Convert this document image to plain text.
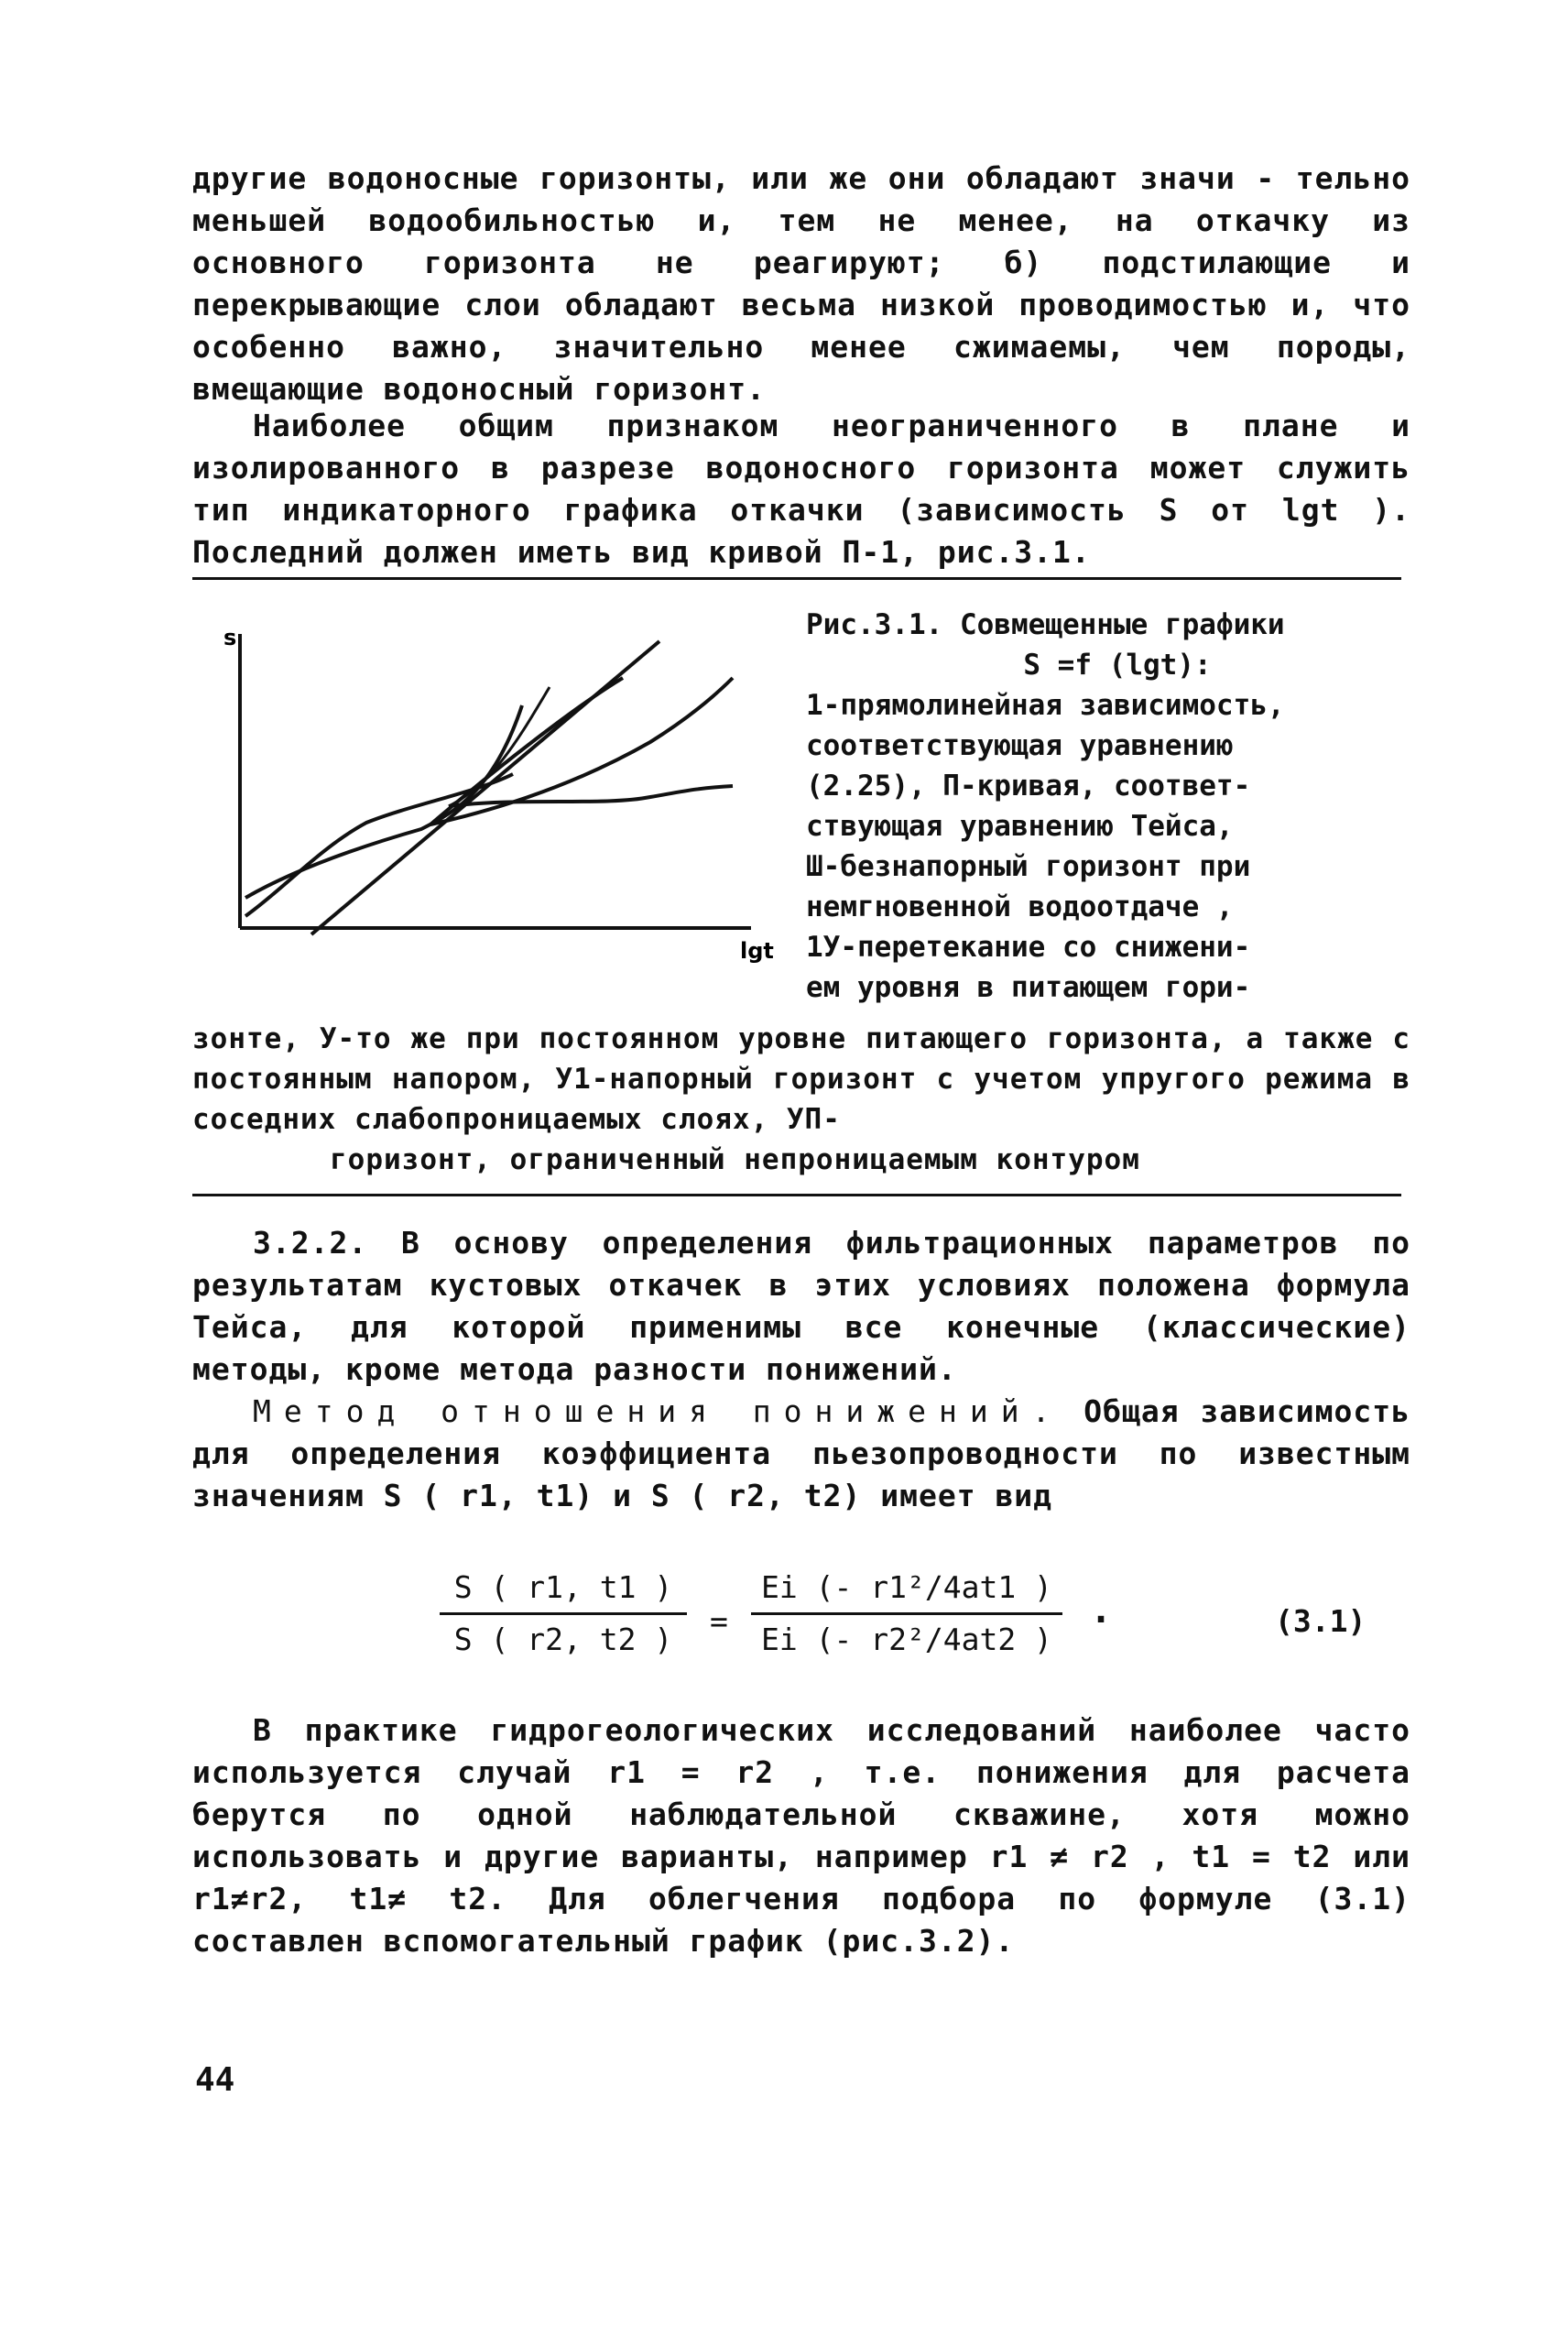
другие водоносные горизонты, или же они обладают значи - тельно меньшей водообильностью и, тем не менее, на откачку из основного горизонта не реагируют; б) подстилающие и перекрывающие слои обладают весьма низкой проводимостью и, что особенно важно, значительно менее сжимаемы, чем породы, вмещающие водоносный горизонт.

Наиболее общим признаком неограниченного в плане и изолированного в разрезе водоносного горизонта может служить тип индикаторного графика откачки (зависимость S от lgt ). Последний должен иметь вид кривой П-1, рис.3.1.

s
lgt
Рис.3.1. Совмещенные графики
S =f (lgt):
1-прямолинейная зависимость,
соответствующая уравнению
(2.25), П-кривая, соответ-
ствующая уравнению Тейса,
Ш-безнапорный горизонт при
немгновенной водоотдаче ,
1У-перетекание со снижени-
ем уровня в питающем гори-

зонте, У-то же при постоянном уровне питающего горизонта, а также с постоянным напором, У1-напорный горизонт с учетом упругого режима в соседних слабопроницаемых слоях, УП-

горизонт, ограниченный непроницаемым контуром

3.2.2. В основу определения фильтрационных параметров по результатам кустовых откачек в этих условиях положена формула Тейса, для которой применимы все конечные (классические) методы, кроме метода разности понижений.

Метод отношения понижений. Общая зависимость для определения коэффициента пьезопроводности по известным значениям S ( r1, t1) и S ( r2, t2) имеет вид

S ( r1, t1 )
S ( r2, t2 )
=
Ei (- r1²/4at1 )
Ei (- r2²/4at2 )
.	(3.1)

В практике гидрогеологических исследований наиболее часто используется случай r1 = r2 , т.е. понижения для расчета берутся по одной наблюдательной скважине, хотя можно использовать и другие варианты, например r1 ≠ r2 , t1 = t2 или r1≠r2, t1≠ t2. Для облегчения подбора по формуле (3.1) составлен вспомогательный график (рис.3.2).

44
